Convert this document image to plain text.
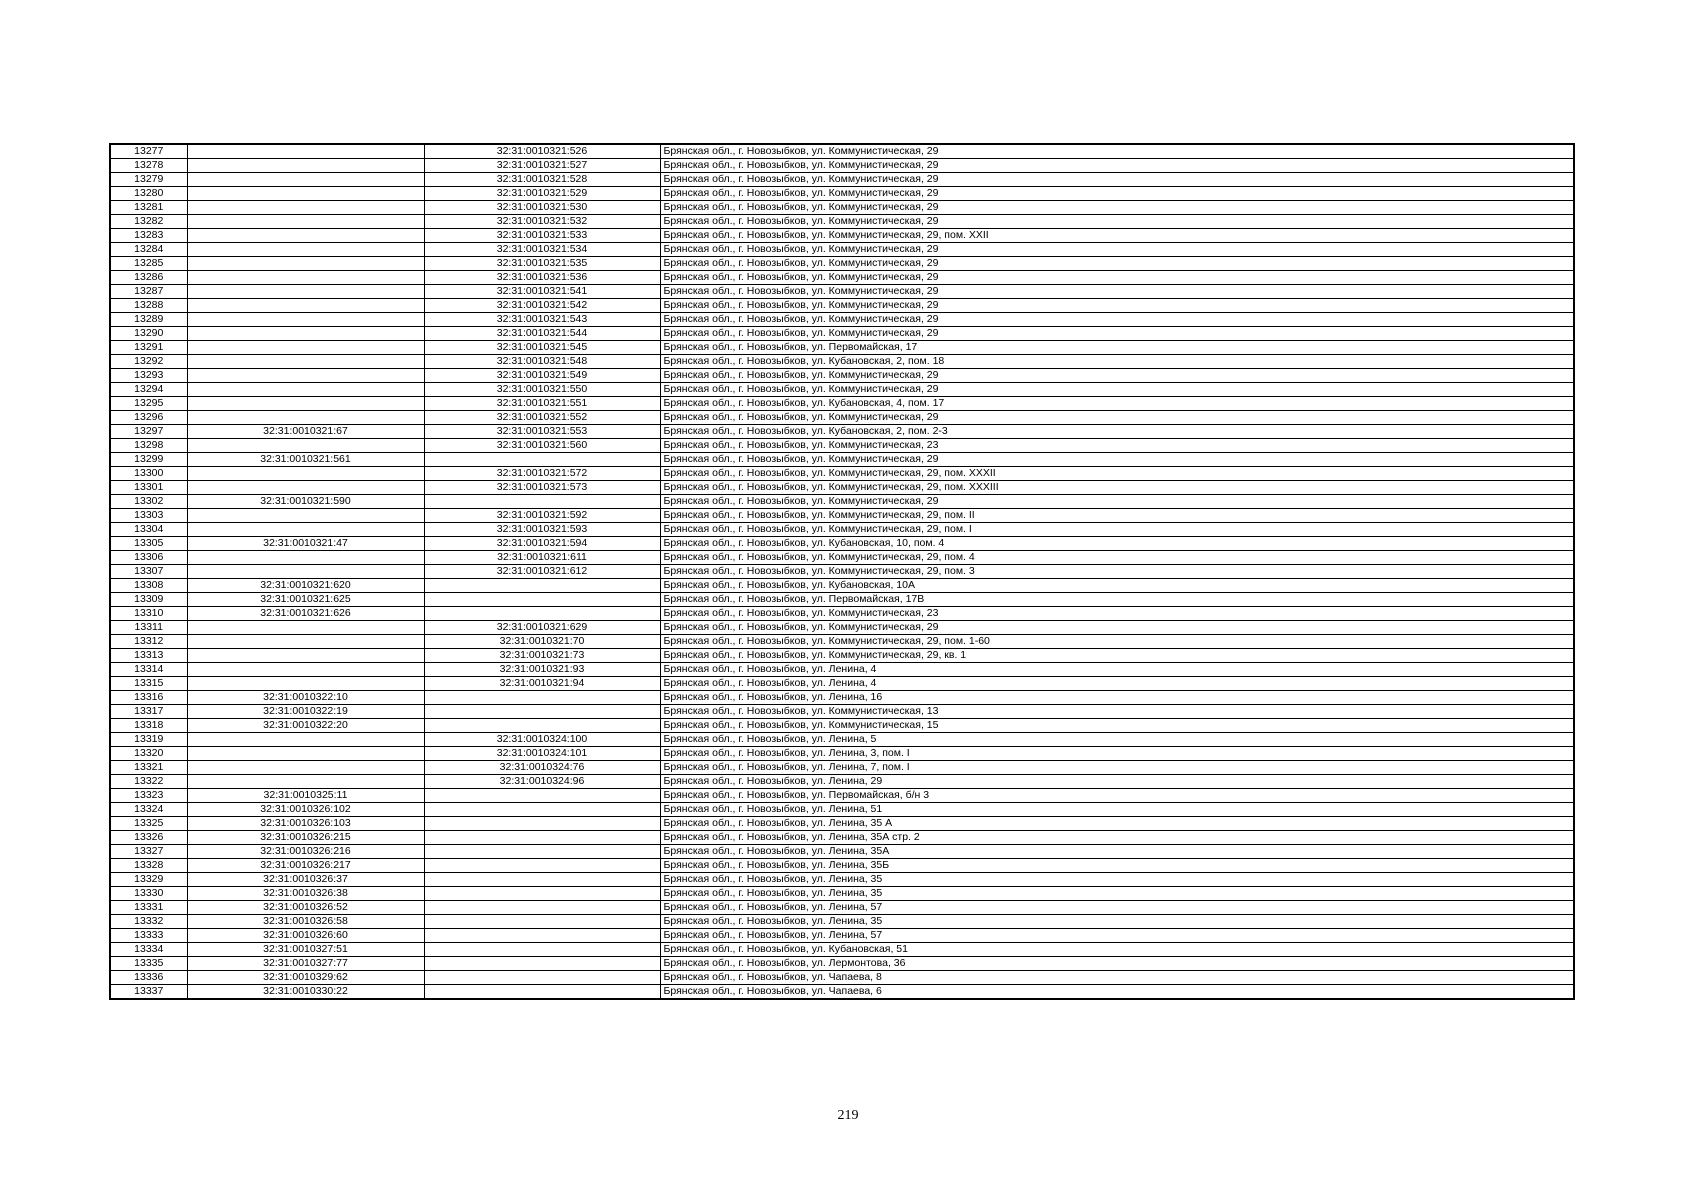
13277		32:31:0010321:526	Брянская обл., г. Новозыбков, ул. Коммунистическая, 29
13278		32:31:0010321:527	Брянская обл., г. Новозыбков, ул. Коммунистическая, 29
13279		32:31:0010321:528	Брянская обл., г. Новозыбков, ул. Коммунистическая, 29
13280		32:31:0010321:529	Брянская обл., г. Новозыбков, ул. Коммунистическая, 29
13281		32:31:0010321:530	Брянская обл., г. Новозыбков, ул. Коммунистическая, 29
13282		32:31:0010321:532	Брянская обл., г. Новозыбков, ул. Коммунистическая, 29
13283		32:31:0010321:533	Брянская обл., г. Новозыбков, ул. Коммунистическая, 29, пом. XXII
13284		32:31:0010321:534	Брянская обл., г. Новозыбков, ул. Коммунистическая, 29
13285		32:31:0010321:535	Брянская обл., г. Новозыбков, ул. Коммунистическая, 29
13286		32:31:0010321:536	Брянская обл., г. Новозыбков, ул. Коммунистическая, 29
13287		32:31:0010321:541	Брянская обл., г. Новозыбков, ул. Коммунистическая, 29
13288		32:31:0010321:542	Брянская обл., г. Новозыбков, ул. Коммунистическая, 29
13289		32:31:0010321:543	Брянская обл., г. Новозыбков, ул. Коммунистическая, 29
13290		32:31:0010321:544	Брянская обл., г. Новозыбков, ул. Коммунистическая, 29
13291		32:31:0010321:545	Брянская обл., г. Новозыбков, ул. Первомайская, 17
13292		32:31:0010321:548	Брянская обл., г. Новозыбков, ул. Кубановская, 2, пом. 18
13293		32:31:0010321:549	Брянская обл., г. Новозыбков, ул. Коммунистическая, 29
13294		32:31:0010321:550	Брянская обл., г. Новозыбков, ул. Коммунистическая, 29
13295		32:31:0010321:551	Брянская обл., г. Новозыбков, ул. Кубановская, 4, пом. 17
13296		32:31:0010321:552	Брянская обл., г. Новозыбков, ул. Коммунистическая, 29
13297	32:31:0010321:67	32:31:0010321:553	Брянская обл., г. Новозыбков, ул. Кубановская, 2, пом. 2-3
13298		32:31:0010321:560	Брянская обл., г. Новозыбков, ул. Коммунистическая, 23
13299	32:31:0010321:561		Брянская обл., г. Новозыбков, ул. Коммунистическая, 29
13300		32:31:0010321:572	Брянская обл., г. Новозыбков, ул. Коммунистическая, 29, пом. XXXII
13301		32:31:0010321:573	Брянская обл., г. Новозыбков, ул. Коммунистическая, 29, пом. XXXIII
13302	32:31:0010321:590		Брянская обл., г. Новозыбков, ул. Коммунистическая, 29
13303		32:31:0010321:592	Брянская обл., г. Новозыбков, ул. Коммунистическая, 29, пом. II
13304		32:31:0010321:593	Брянская обл., г. Новозыбков, ул. Коммунистическая, 29, пом. I
13305	32:31:0010321:47	32:31:0010321:594	Брянская обл., г. Новозыбков, ул. Кубановская, 10, пом. 4
13306		32:31:0010321:611	Брянская обл., г. Новозыбков, ул. Коммунистическая, 29, пом. 4
13307		32:31:0010321:612	Брянская обл., г. Новозыбков, ул. Коммунистическая, 29, пом. 3
13308	32:31:0010321:620		Брянская обл., г. Новозыбков, ул. Кубановская, 10А
13309	32:31:0010321:625		Брянская обл., г. Новозыбков, ул. Первомайская, 17В
13310	32:31:0010321:626		Брянская обл., г. Новозыбков, ул. Коммунистическая, 23
13311		32:31:0010321:629	Брянская обл., г. Новозыбков, ул. Коммунистическая, 29
13312		32:31:0010321:70	Брянская обл., г. Новозыбков, ул. Коммунистическая, 29, пом. 1-60
13313		32:31:0010321:73	Брянская обл., г. Новозыбков, ул. Коммунистическая, 29, кв. 1
13314		32:31:0010321:93	Брянская обл., г. Новозыбков, ул. Ленина, 4
13315		32:31:0010321:94	Брянская обл., г. Новозыбков, ул. Ленина, 4
13316	32:31:0010322:10		Брянская обл., г. Новозыбков, ул. Ленина, 16
13317	32:31:0010322:19		Брянская обл., г. Новозыбков, ул. Коммунистическая, 13
13318	32:31:0010322:20		Брянская обл., г. Новозыбков, ул. Коммунистическая, 15
13319		32:31:0010324:100	Брянская обл., г. Новозыбков, ул. Ленина, 5
13320		32:31:0010324:101	Брянская обл., г. Новозыбков, ул. Ленина, 3, пом. I
13321		32:31:0010324:76	Брянская обл., г. Новозыбков, ул. Ленина, 7, пом. I
13322		32:31:0010324:96	Брянская обл., г. Новозыбков, ул. Ленина, 29
13323	32:31:0010325:11		Брянская обл., г. Новозыбков, ул. Первомайская, б/н 3
13324	32:31:0010326:102		Брянская обл., г. Новозыбков, ул. Ленина, 51
13325	32:31:0010326:103		Брянская обл., г. Новозыбков, ул. Ленина, 35 А
13326	32:31:0010326:215		Брянская обл., г. Новозыбков, ул. Ленина, 35А стр. 2
13327	32:31:0010326:216		Брянская обл., г. Новозыбков, ул. Ленина, 35А
13328	32:31:0010326:217		Брянская обл., г. Новозыбков, ул. Ленина, 35Б
13329	32:31:0010326:37		Брянская обл., г. Новозыбков, ул. Ленина, 35
13330	32:31:0010326:38		Брянская обл., г. Новозыбков, ул. Ленина, 35
13331	32:31:0010326:52		Брянская обл., г. Новозыбков, ул. Ленина, 57
13332	32:31:0010326:58		Брянская обл., г. Новозыбков, ул. Ленина, 35
13333	32:31:0010326:60		Брянская обл., г. Новозыбков, ул. Ленина, 57
13334	32:31:0010327:51		Брянская обл., г. Новозыбков, ул. Кубановская, 51
13335	32:31:0010327:77		Брянская обл., г. Новозыбков, ул. Лермонтова, 36
13336	32:31:0010329:62		Брянская обл., г. Новозыбков, ул. Чапаева, 8
13337	32:31:0010330:22		Брянская обл., г. Новозыбков, ул. Чапаева, 6
219
